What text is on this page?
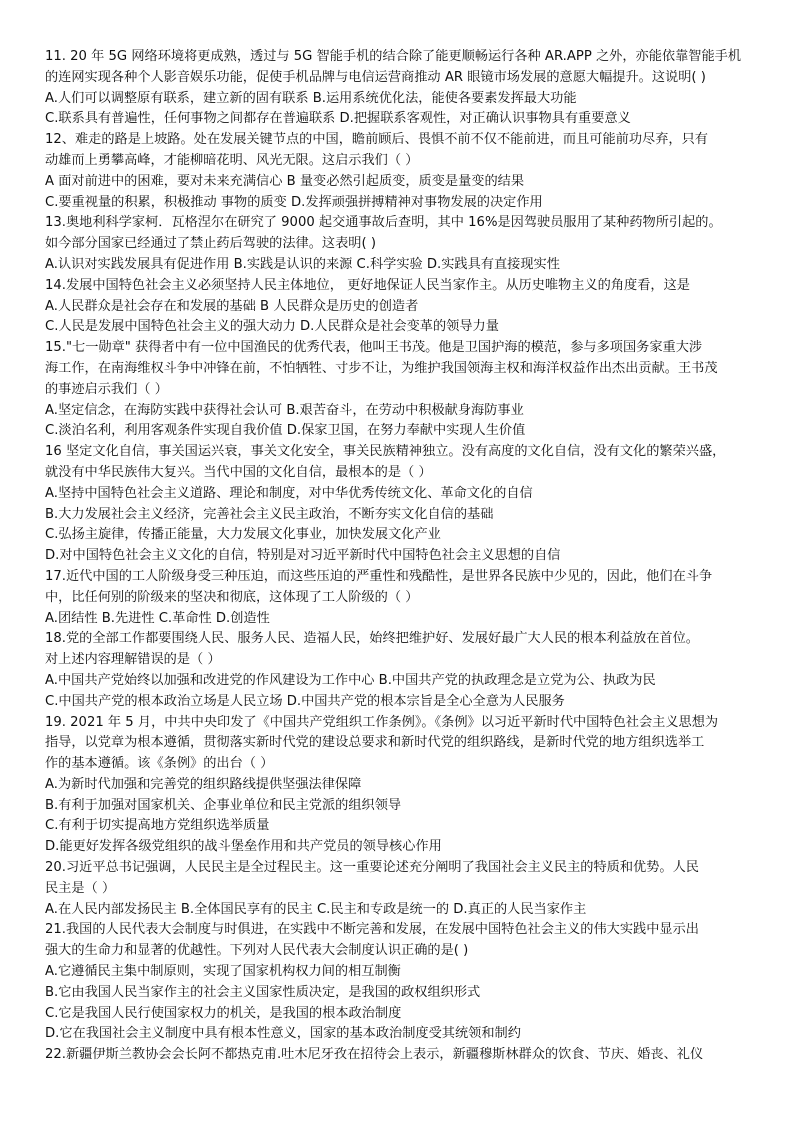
11. 20 年 5G 网络环境将更成熟，透过与 5G 智能手机的结合除了能更顺畅运行各种 AR.APP 之外，亦能依靠智能手机
的连网实现各种个人影音娱乐功能，促使手机品牌与电信运营商推动 AR 眼镜市场发展的意愿大幅提升。这说明( )
A.人们可以调整原有联系，建立新的固有联系 B.运用系统优化法，能使各要素发挥最大功能
C.联系具有普遍性，任何事物之间都存在普遍联系 D.把握联系客观性，对正确认识事物具有重要意义
12、难走的路是上坡路。处在发展关键节点的中国，瞻前顾后、畏惧不前不仅不能前进，而且可能前功尽弃，只有
动雄而上勇攀高峰，才能柳暗花明、风光无限。这启示我们（ ）
A 面对前进中的困难，要对未来充满信心 B 量变必然引起质变，质变是量变的结果
C.要重视量的积累，积极推动 事物的质变 D.发挥顽强拼搏精神对事物发展的决定作用
13.奥地利科学家柯．瓦格涅尔在研究了 9000 起交通事故后查明，其中 16%是因驾驶员服用了某种药物所引起的。
如今部分国家已经通过了禁止药后驾驶的法律。这表明( )
A.认识对实践发展具有促进作用 B.实践是认识的来源 C.科学实验 D.实践具有直接现实性
14.发展中国特色社会主义必须坚持人民主体地位， 更好地保证人民当家作主。从历史唯物主义的角度看，这是
A.人民群众是社会存在和发展的基础 B 人民群众是历史的创造者
C.人民是发展中国特色社会主义的强大动力 D.人民群众是社会变革的领导力量
15."七一勋章" 获得者中有一位中国渔民的优秀代表，他叫王书茂。他是卫国护海的模范，参与多项国务家重大涉
海工作，在南海维权斗争中冲锋在前，不怕牺牲、寸步不让，为维护我国领海主权和海洋权益作出杰出贡献。王书茂
的事迹启示我们（ ）
A.坚定信念，在海防实践中获得社会认可 B.艰苦奋斗，在劳动中积极献身海防事业
C.淡泊名利，利用客观条件实现自我价值 D.保家卫国，在努力奉献中实现人生价值
16 坚定文化自信，事关国运兴衰，事关文化安全，事关民族精神独立。没有高度的文化自信，没有文化的繁荣兴盛，
就没有中华民族伟大复兴。当代中国的文化自信，最根本的是（ ）
A.坚持中国特色社会主义道路、理论和制度，对中华优秀传统文化、革命文化的自信
B.大力发展社会主义经济，完善社会主义民主政治，不断夯实文化自信的基础
C.弘扬主旋律，传播正能量，大力发展文化事业，加快发展文化产业
D.对中国特色社会主义文化的自信，特别是对习近平新时代中国特色社会主义思想的自信
17.近代中国的工人阶级身受三种压迫，而这些压迫的严重性和残酷性，是世界各民族中少见的，因此，他们在斗争
中，比任何别的阶级来的坚决和彻底，这体现了工人阶级的（ ）
A.团结性 B.先进性 C.革命性 D.创造性
18.党的全部工作都要围绕人民、服务人民、造福人民，始终把维护好、发展好最广大人民的根本利益放在首位。
对上述内容理解错误的是（ ）
A.中国共产党始终以加强和改进党的作风建设为工作中心 B.中国共产党的执政理念是立党为公、执政为民
C.中国共产党的根本政治立场是人民立场 D.中国共产党的根本宗旨是全心全意为人民服务
19. 2021 年 5 月，中共中央印发了《中国共产党组织工作条例》。《条例》以习近平新时代中国特色社会主义思想为
指导，以党章为根本遵循，贯彻落实新时代党的建设总要求和新时代党的组织路线，是新时代党的地方组织选举工
作的基本遵循。该《条例》的出台（ ）
A.为新时代加强和完善党的组织路线提供坚强法律保障
B.有利于加强对国家机关、企事业单位和民主党派的组织领导
C.有利于切实提高地方党组织选举质量
D.能更好发挥各级党组织的战斗堡垒作用和共产党员的领导核心作用
20.习近平总书记强调，人民民主是全过程民主。这一重要论述充分阐明了我国社会主义民主的特质和优势。人民
民主是（ ）
A.在人民内部发扬民主 B.全体国民享有的民主 C.民主和专政是统一的 D.真正的人民当家作主
21.我国的人民代表大会制度与时俱进，在实践中不断完善和发展，在发展中国特色社会主义的伟大实践中显示出
强大的生命力和显著的优越性。下列对人民代表大会制度认识正确的是( )
A.它遵循民主集中制原则，实现了国家机构权力间的相互制衡
B.它由我国人民当家作主的社会主义国家性质决定，是我国的政权组织形式
C.它是我国人民行使国家权力的机关，是我国的根本政治制度
D.它在我国社会主义制度中具有根本性意义，国家的基本政治制度受其统领和制约
22.新疆伊斯兰教协会会长阿不都热克甫.吐木尼牙孜在招待会上表示，新疆穆斯林群众的饮食、节庆、婚丧、礼仪
